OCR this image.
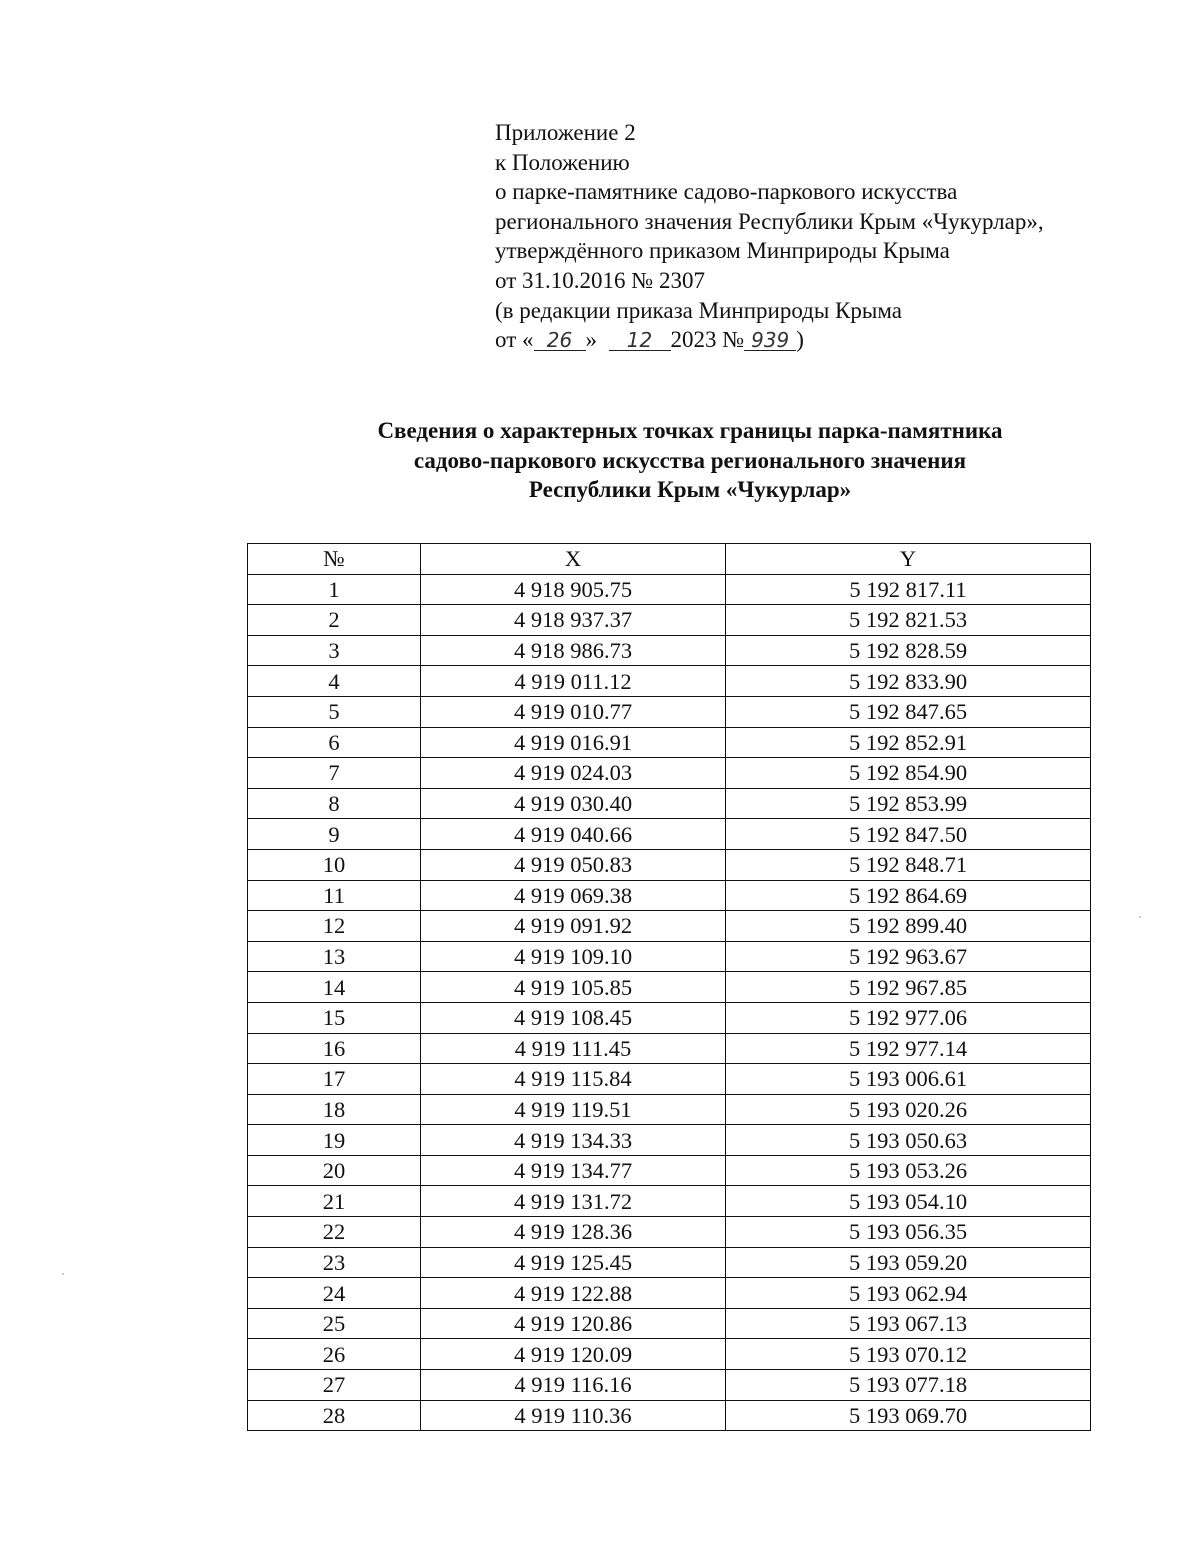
Приложение 2
к Положению
о парке-памятнике садово-паркового искусства
регионального значения Республики Крым «Чукурлар»,
утверждённого приказом Минприроды Крыма
от 31.10.2016 № 2307
(в редакции приказа Минприроды Крыма
от « 26 » 12 2023 № 939 )
Сведения о характерных точках границы парка-памятника
садово-паркового искусства регионального значения
Республики Крым «Чукурлар»
№	X	Y
1	4 918 905.75	5 192 817.11
2	4 918 937.37	5 192 821.53
3	4 918 986.73	5 192 828.59
4	4 919 011.12	5 192 833.90
5	4 919 010.77	5 192 847.65
6	4 919 016.91	5 192 852.91
7	4 919 024.03	5 192 854.90
8	4 919 030.40	5 192 853.99
9	4 919 040.66	5 192 847.50
10	4 919 050.83	5 192 848.71
11	4 919 069.38	5 192 864.69
12	4 919 091.92	5 192 899.40
13	4 919 109.10	5 192 963.67
14	4 919 105.85	5 192 967.85
15	4 919 108.45	5 192 977.06
16	4 919 111.45	5 192 977.14
17	4 919 115.84	5 193 006.61
18	4 919 119.51	5 193 020.26
19	4 919 134.33	5 193 050.63
20	4 919 134.77	5 193 053.26
21	4 919 131.72	5 193 054.10
22	4 919 128.36	5 193 056.35
23	4 919 125.45	5 193 059.20
24	4 919 122.88	5 193 062.94
25	4 919 120.86	5 193 067.13
26	4 919 120.09	5 193 070.12
27	4 919 116.16	5 193 077.18
28	4 919 110.36	5 193 069.70
